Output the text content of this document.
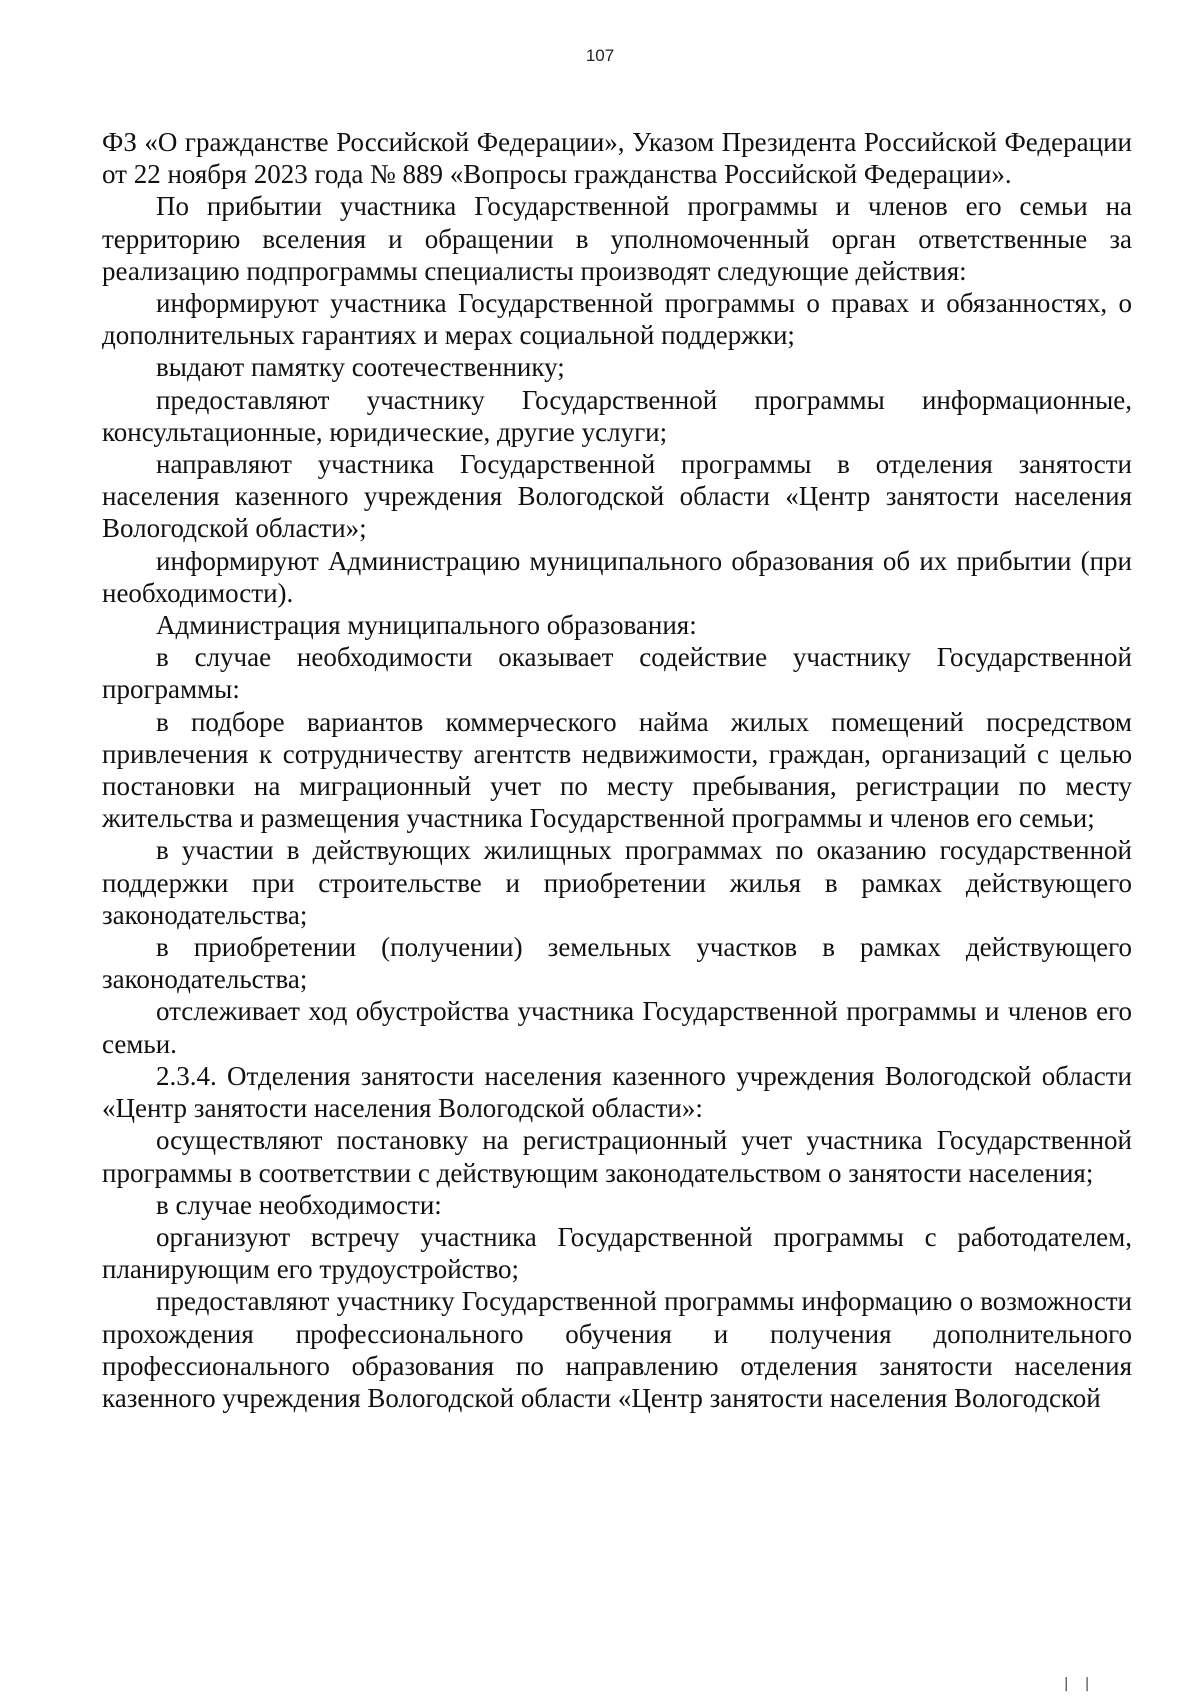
107

ФЗ «О гражданстве Российской Федерации», Указом Президента Российской Федерации от 22 ноября 2023 года № 889 «Вопросы гражданства Российской Федерации».

По прибытии участника Государственной программы и членов его семьи на территорию вселения и обращении в уполномоченный орган ответственные за реализацию подпрограммы специалисты производят следующие действия:

информируют участника Государственной программы о правах и обязанностях, о дополнительных гарантиях и мерах социальной поддержки;

выдают памятку соотечественнику;

предоставляют участнику Государственной программы информационные, консультационные, юридические, другие услуги;

направляют участника Государственной программы в отделения занятости населения казенного учреждения Вологодской области «Центр занятости населения Вологодской области»;

информируют Администрацию муниципального образования об их прибытии (при необходимости).

Администрация муниципального образования:

в случае необходимости оказывает содействие участнику Государственной программы:

в подборе вариантов коммерческого найма жилых помещений посредством привлечения к сотрудничеству агентств недвижимости, граждан, организаций с целью постановки на миграционный учет по месту пребывания, регистрации по месту жительства и размещения участника Государственной программы и членов его семьи;

в участии в действующих жилищных программах по оказанию государственной поддержки при строительстве и приобретении жилья в рамках действующего законодательства;

в приобретении (получении) земельных участков в рамках действующего законодательства;

отслеживает ход обустройства участника Государственной программы и членов его семьи.

2.3.4. Отделения занятости населения казенного учреждения Вологодской области «Центр занятости населения Вологодской области»:

осуществляют постановку на регистрационный учет участника Государственной программы в соответствии с действующим законодательством о занятости населения;

в случае необходимости:

организуют встречу участника Государственной программы с работодателем, планирующим его трудоустройство;

предоставляют участнику Государственной программы информацию о возможности прохождения профессионального обучения и получения дополнительного профессионального образования по направлению отделения занятости населения казенного учреждения Вологодской области «Центр занятости населения Вологодской

| |
